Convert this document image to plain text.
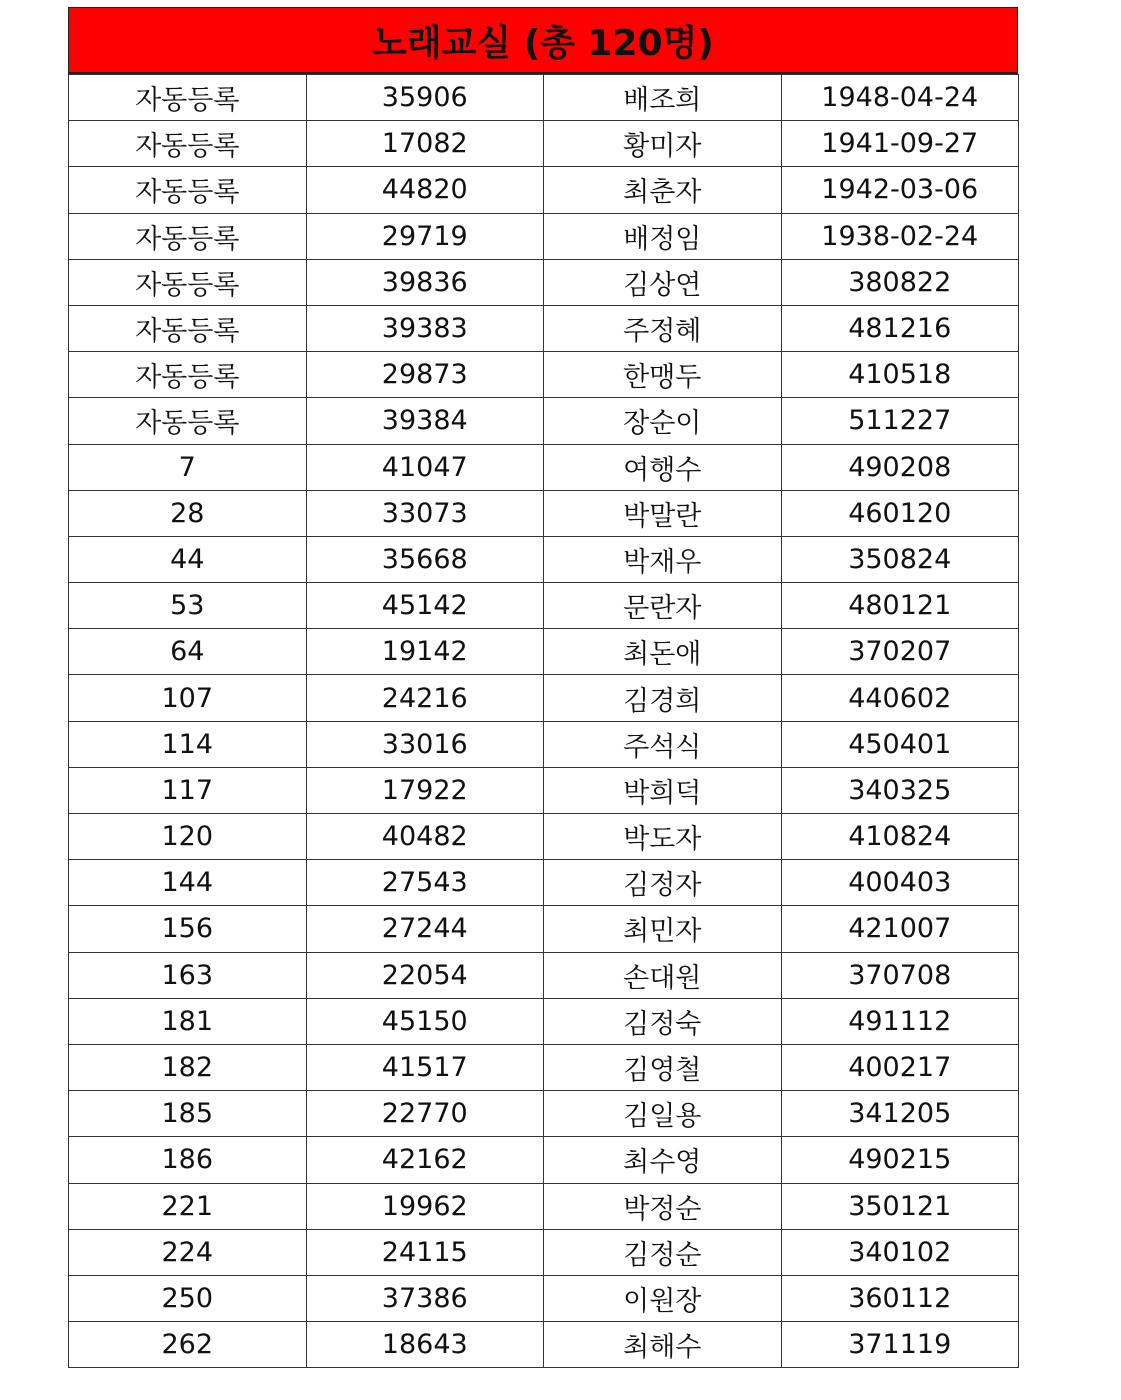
노래교실 (총 120명)
자동등록	35906	배조희	1948-04-24
자동등록	17082	황미자	1941-09-27
자동등록	44820	최춘자	1942-03-06
자동등록	29719	배정임	1938-02-24
자동등록	39836	김상연	380822
자동등록	39383	주정혜	481216
자동등록	29873	한맹두	410518
자동등록	39384	장순이	511227
7	41047	여행수	490208
28	33073	박말란	460120
44	35668	박재우	350824
53	45142	문란자	480121
64	19142	최돈애	370207
107	24216	김경희	440602
114	33016	주석식	450401
117	17922	박희덕	340325
120	40482	박도자	410824
144	27543	김정자	400403
156	27244	최민자	421007
163	22054	손대원	370708
181	45150	김정숙	491112
182	41517	김영철	400217
185	22770	김일용	341205
186	42162	최수영	490215
221	19962	박정순	350121
224	24115	김정순	340102
250	37386	이원장	360112
262	18643	최해수	371119
